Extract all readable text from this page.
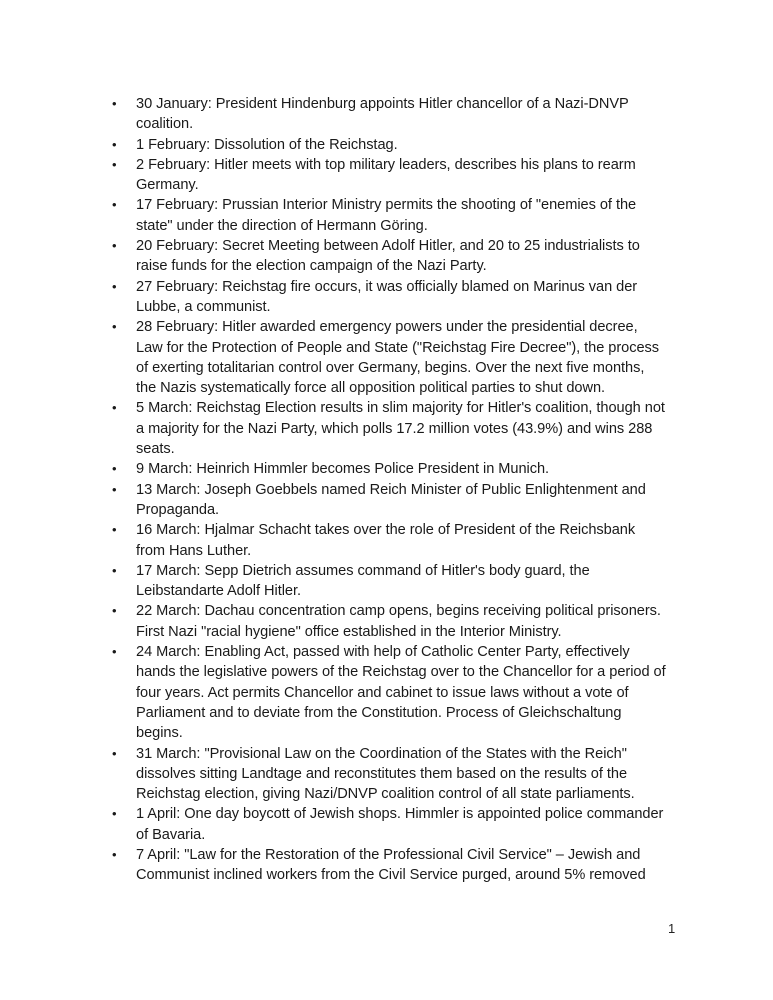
•	30 January: President Hindenburg appoints Hitler chancellor of a Nazi-DNVP coalition.
•	1 February: Dissolution of the Reichstag.
•	2 February: Hitler meets with top military leaders, describes his plans to rearm Germany.
•	17 February: Prussian Interior Ministry permits the shooting of "enemies of the state" under the direction of Hermann Göring.
•	20 February: Secret Meeting between Adolf Hitler, and 20 to 25 industrialists to raise funds for the election campaign of the Nazi Party.
•	27 February: Reichstag fire occurs, it was officially blamed on Marinus van der Lubbe, a communist.
•	28 February: Hitler awarded emergency powers under the presidential decree, Law for the Protection of People and State ("Reichstag Fire Decree"), the process of exerting totalitarian control over Germany, begins. Over the next five months, the Nazis systematically force all opposition political parties to shut down.
•	5 March: Reichstag Election results in slim majority for Hitler's coalition, though not a majority for the Nazi Party, which polls 17.2 million votes (43.9%) and wins 288 seats.
•	9 March: Heinrich Himmler becomes Police President in Munich.
•	13 March: Joseph Goebbels named Reich Minister of Public Enlightenment and Propaganda.
•	16 March: Hjalmar Schacht takes over the role of President of the Reichsbank from Hans Luther.
•	17 March: Sepp Dietrich assumes command of Hitler's body guard, the Leibstandarte Adolf Hitler.
•	22 March: Dachau concentration camp opens, begins receiving political prisoners. First Nazi "racial hygiene" office established in the Interior Ministry.
•	24 March: Enabling Act, passed with help of Catholic Center Party, effectively hands the legislative powers of the Reichstag over to the Chancellor for a period of four years. Act permits Chancellor and cabinet to issue laws without a vote of Parliament and to deviate from the Constitution. Process of Gleichschaltung begins.
•	31 March: "Provisional Law on the Coordination of the States with the Reich" dissolves sitting Landtage and reconstitutes them based on the results of the Reichstag election, giving Nazi/DNVP coalition control of all state parliaments.
•	1 April: One day boycott of Jewish shops. Himmler is appointed police commander of Bavaria.
•	7 April: "Law for the Restoration of the Professional Civil Service" – Jewish and Communist inclined workers from the Civil Service purged, around 5% removed
1
